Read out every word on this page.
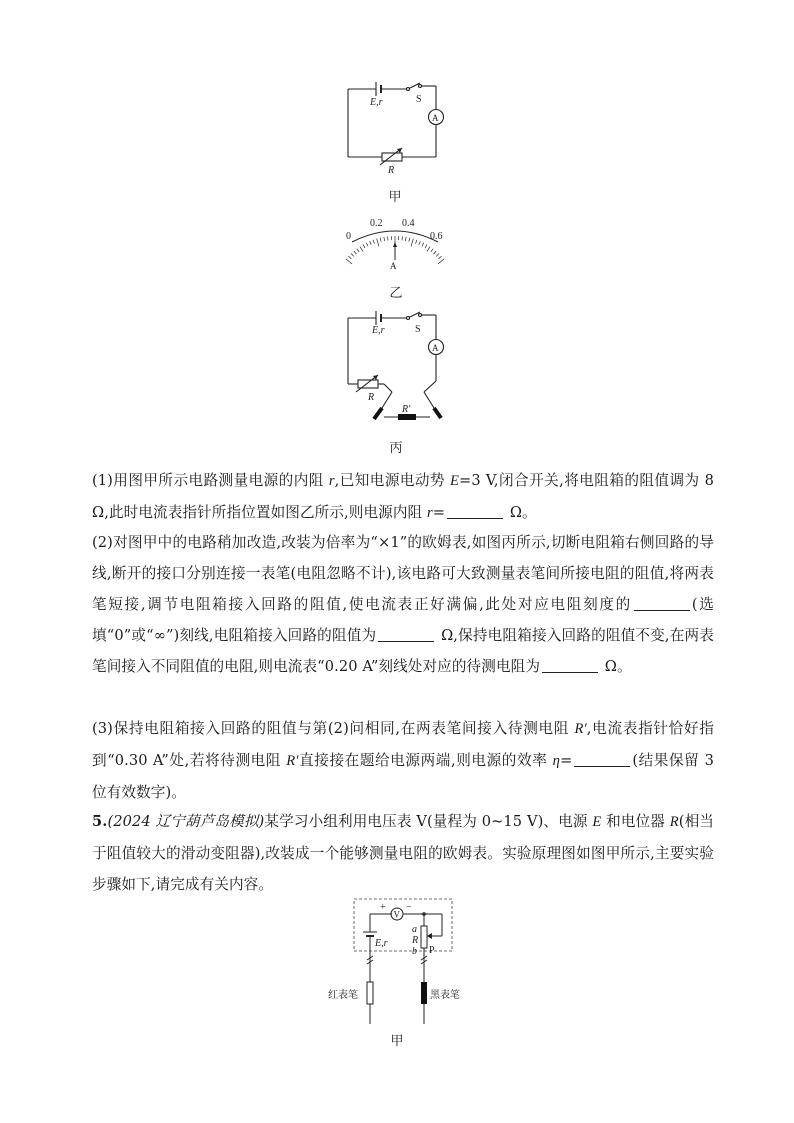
E,r	S
A
R
甲
0
0.2 0.4
0.6
A
乙
E,r	S
A
R
R′
丙
(1)用图甲所示电路测量电源的内阻 r,已知电源电动势 E=3 V,闭合开关,将电阻箱的阻值调为 8 Ω,此时电流表指针所指位置如图乙所示,则电源内阻 r=	Ω。
(2)对图甲中的电路稍加改造,改装为倍率为“×1”的欧姆表,如图丙所示,切断电阻箱右侧回路的导线,断开的接口分别连接一表笔(电阻忽略不计),该电路可大致测量表笔间所接电阻的阻值,将两表笔短接,调节电阻箱接入回路的阻值,使电流表正好满偏,此处对应电阻刻度的	(选填“0”或“∞”)刻线,电阻箱接入回路的阻值为	Ω,保持电阻箱接入回路的阻值不变,在两表笔间接入不同阻值的电阻,则电流表“0.20 A”刻线处对应的待测电阻为	Ω。
(3)保持电阻箱接入回路的阻值与第(2)问相同,在两表笔间接入待测电阻 R′,电流表指针恰好指到“0.30 A”处,若将待测电阻 R′直接接在题给电源两端,则电源的效率 η=	(结果保留 3 位有效数字)。
5.(2024 辽宁葫芦岛模拟)某学习小组利用电压表 V(量程为 0~15 V)、电源 E 和电位器 R(相当于阻值较大的滑动变阻器),改装成一个能够测量电阻的欧姆表。实验原理图如图甲所示,主要实验步骤如下,请完成有关内容。
+
V
−
E,r
a
R
b P
红表笔	黑表笔
甲
